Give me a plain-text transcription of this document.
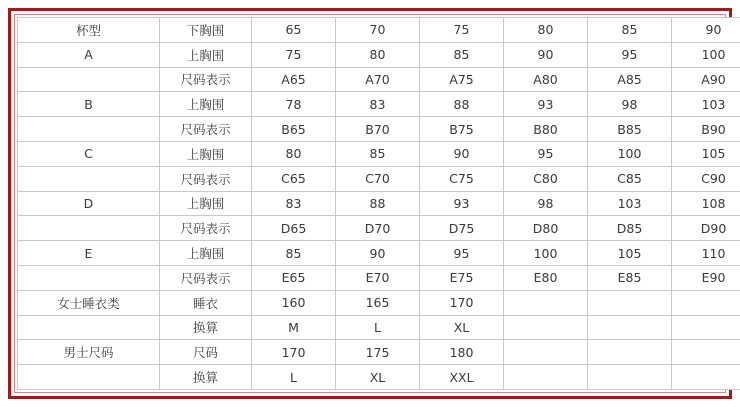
杯型	下胸围	65	70	75	80	85	90
A	上胸围	75	80	85	90	95	100
	尺码表示	A65	A70	A75	A80	A85	A90
B	上胸围	78	83	88	93	98	103
	尺码表示	B65	B70	B75	B80	B85	B90
C	上胸围	80	85	90	95	100	105
	尺码表示	C65	C70	C75	C80	C85	C90
D	上胸围	83	88	93	98	103	108
	尺码表示	D65	D70	D75	D80	D85	D90
E	上胸围	85	90	95	100	105	110
	尺码表示	E65	E70	E75	E80	E85	E90
女士睡衣类	睡衣	160	165	170			
	换算	M	L	XL			
男士尺码	尺码	170	175	180			
	换算	L	XL	XXL			
